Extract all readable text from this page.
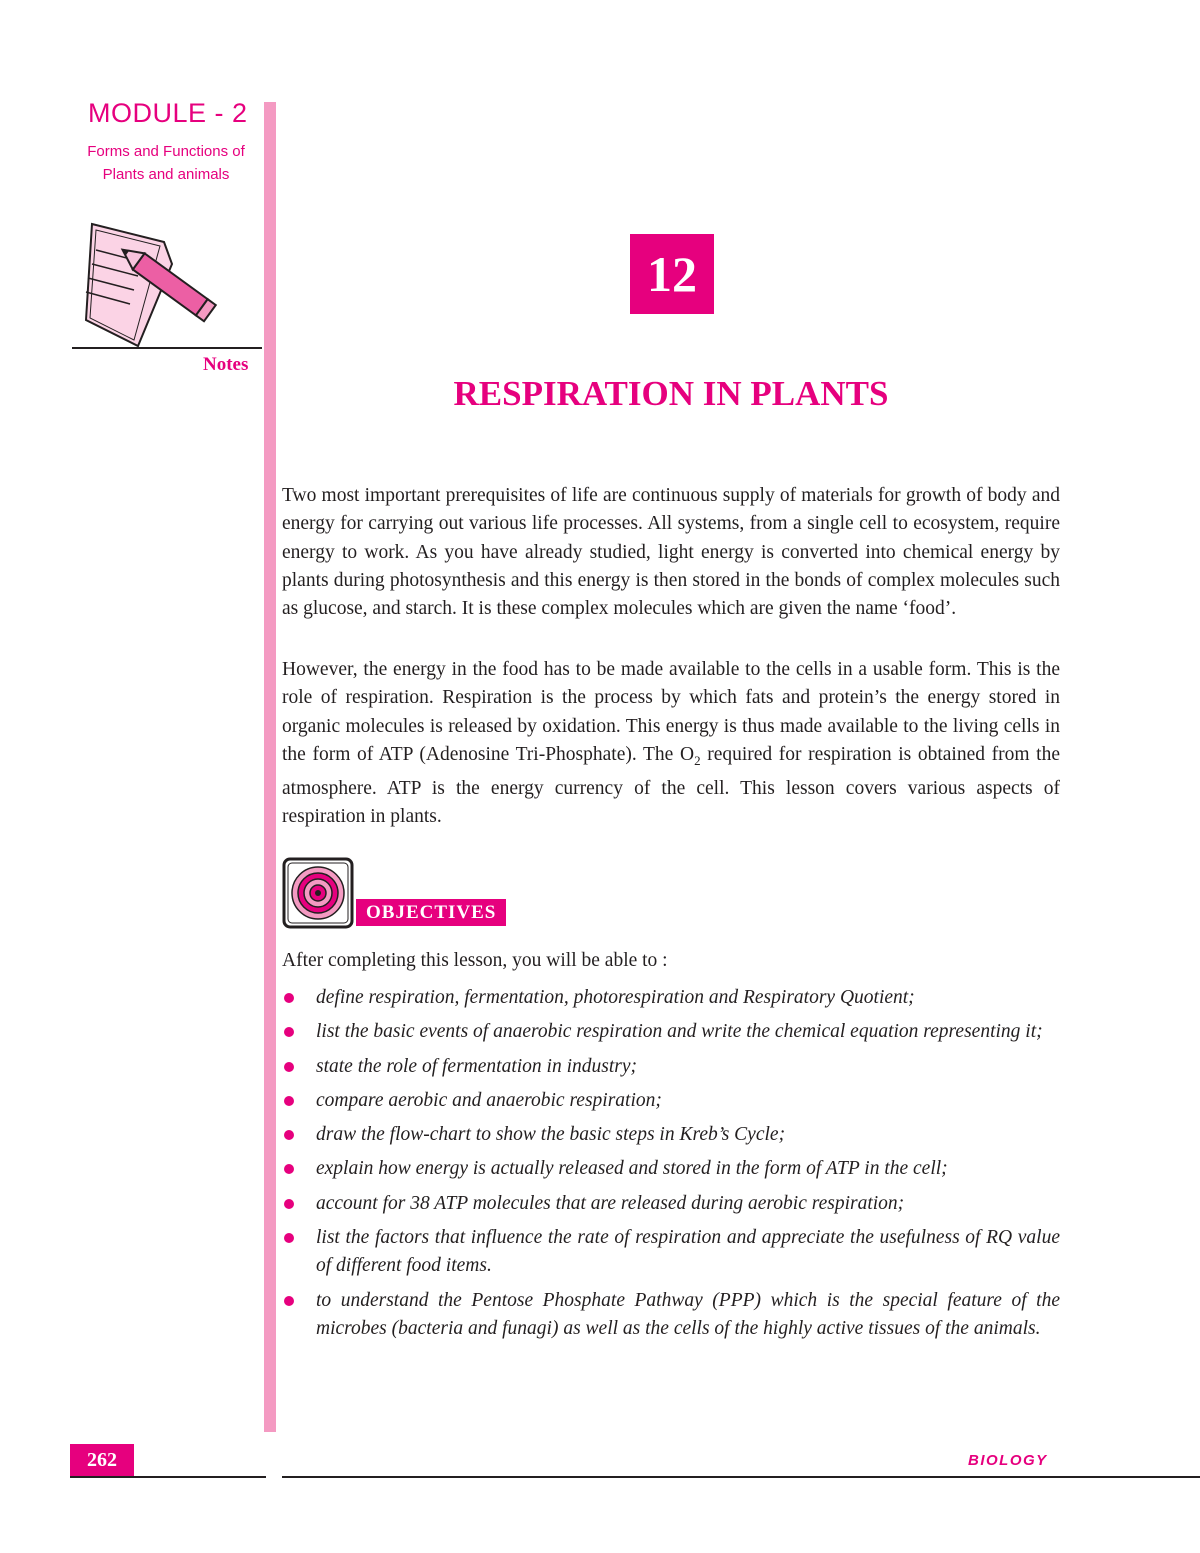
MODULE - 2
Forms and Functions of Plants and animals
Notes
12
RESPIRATION IN PLANTS
Two most important prerequisites of life are continuous supply of materials for growth of body and energy for carrying out various life processes. All systems, from a single cell to ecosystem, require energy to work. As you have already studied, light energy is converted into chemical energy by plants during photosynthesis and this energy is then stored in the bonds of complex molecules such as glucose, and starch. It is these complex molecules which are given the name ‘food’.
However, the energy in the food has to be made available to the cells in a usable form. This is the role of respiration. Respiration is the process by which fats and protein’s the energy stored in organic molecules is released by oxidation. This energy is thus made available to the living cells in the form of ATP (Adenosine Tri-Phosphate). The $O_2$ required for respiration is obtained from the atmosphere. ATP is the energy currency of the cell. This lesson covers various aspects of respiration in plants.
OBJECTIVES
After completing this lesson, you will be able to :
define respiration, fermentation, photorespiration and Respiratory Quotient;
list the basic events of anaerobic respiration and write the chemical equation representing it;
state the role of fermentation in industry;
compare aerobic and anaerobic respiration;
draw the flow-chart to show the basic steps in Kreb’s Cycle;
explain how energy is actually released and stored in the form of ATP in the cell;
account for 38 ATP molecules that are released during aerobic respiration;
list the factors that influence the rate of respiration and appreciate the usefulness of RQ value of different food items.
to understand the Pentose Phosphate Pathway (PPP) which is the special feature of the microbes (bacteria and funagi) as well as the cells of the highly active tissues of the animals.
262	BIOLOGY
